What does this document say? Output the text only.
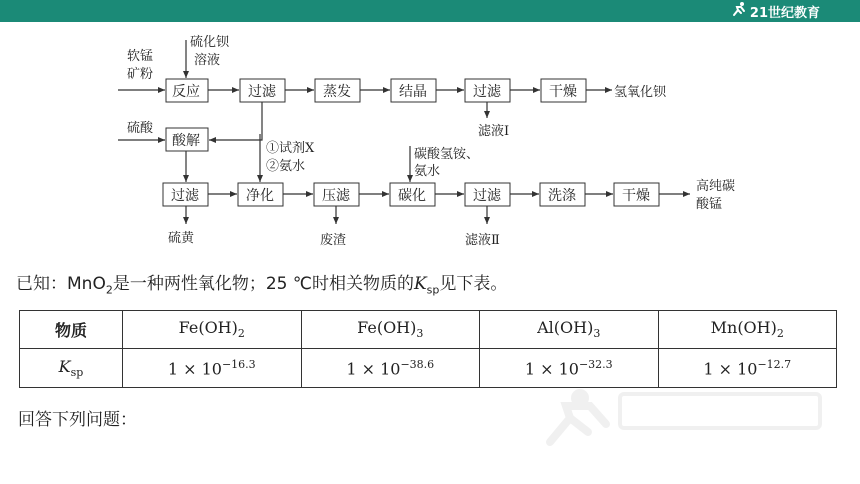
21世纪教育
软锰
矿粉
硫化钡
溶液
硫酸
反应	过滤	蒸发	结晶	过滤	干燥	氢氧化钡
滤液Ⅰ
酸解	①试剂X
②氨水
碳酸氢铵、
氨水
过滤	净化	压滤	碳化	过滤	洗涤	干燥
高纯碳
酸锰
硫黄	废渣	滤液Ⅱ
已知：MnO$_2$是一种两性氧化物；25 ℃时相关物质的$K_{sp}$见下表。
物质	$Fe(OH)_2$	$Fe(OH)_3$	$Al(OH)_3$	$Mn(OH)_2$
$K_{sp}$	$1 \times 10^{-16.3}$	$1 \times 10^{-38.6}$	$1 \times 10^{-32.3}$	$1 \times 10^{-12.7}$
回答下列问题：
